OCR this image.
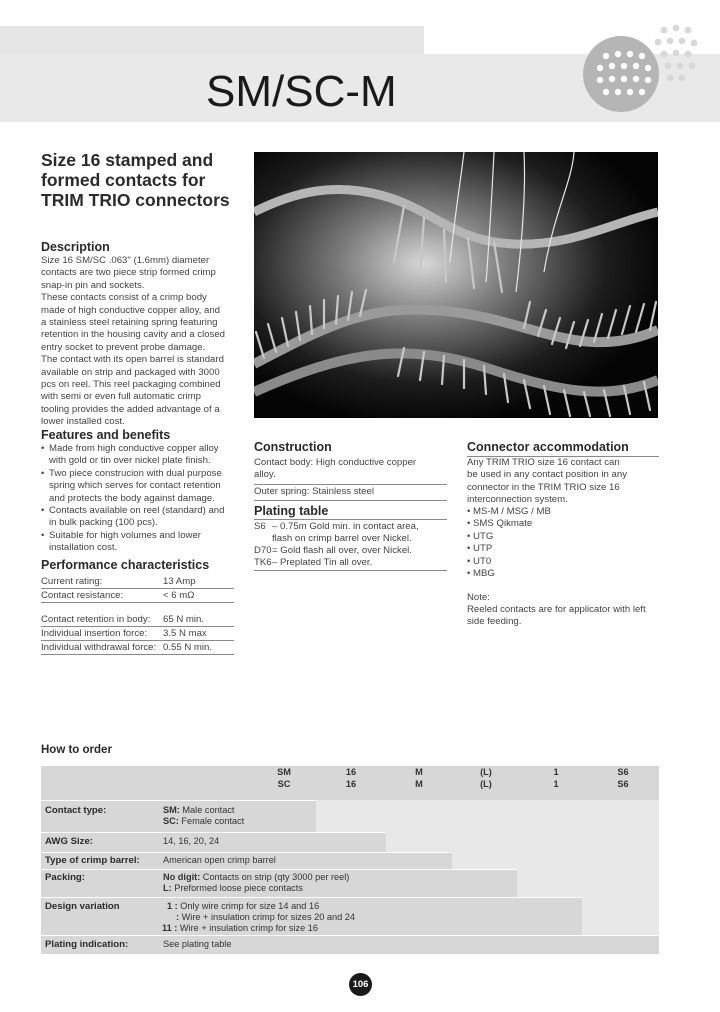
SM/SC-M
Size 16 stamped and formed contacts for TRIM TRIO connectors
Description
Size 16 SM/SC .063" (1.6mm) diameter
contacts are two piece strip formed crimp
snap-in pin and sockets.
These contacts consist of a crimp body
made of high conductive copper alloy, and
a stainless steel retaining spring featuring
retention in the housing cavity and a closed
entry socket to prevent probe damage.
The contact with its open barrel is standard
available on strip and packaged with 3000
pcs on reel. This reel packaging combined
with semi or even full automatic crimp
tooling provides the added advantage of a
lower installed cost.
Features and benefits
• Made from high conductive copper alloy
with gold or tin over nickel plate finish.
• Two piece construcion with dual purpose
spring which serves for contact retention
and protects the body against damage.
• Contacts available on reel (standard) and
in bulk packing (100 pcs).
• Suitable for high volumes and lower
installation cost.
Performance characteristics
Current rating:	13 Amp
Contact resistance:	< 6 mΩ
Contact retention in body:	65 N min.
Individual insertion force:	3.5 N max
Individual withdrawal force: 0.55 N min.
Construction
Contact body: High conductive copper
alloy.
Outer spring: Stainless steel
Plating table
S6 – 0.75m Gold min. in contact area,
flash on crimp barrel over Nickel.
D70 = Gold flash all over, over Nickel.
TK6 – Preplated Tin all over.
Connector accommodation
Any TRIM TRIO size 16 contact can
be used in any contact position in any
connector in the TRIM TRIO size 16
interconnection system.
• MS-M / MSG / MB
• SMS Qikmate
• UTG
• UTP
• UT0
• MBG
Note:
Reeled contacts are for applicator with left
side feeding.
How to order
SM	16	M	(L)	1	S6
SC	16	M	(L)	1	S6
Contact type:	SM: Male contact
SC: Female contact
AWG Size:	14, 16, 20, 24
Type of crimp barrel:	American open crimp barrel
Packing:	No digit: Contacts on strip (qty 3000 per reel)
L: Preformed loose piece contacts
Design variation	1 : Only wire crimp for size 14 and 16
: Wire + insulation crimp for sizes 20 and 24
11 : Wire + insulation crimp for size 16
Plating indication:	See plating table
106
